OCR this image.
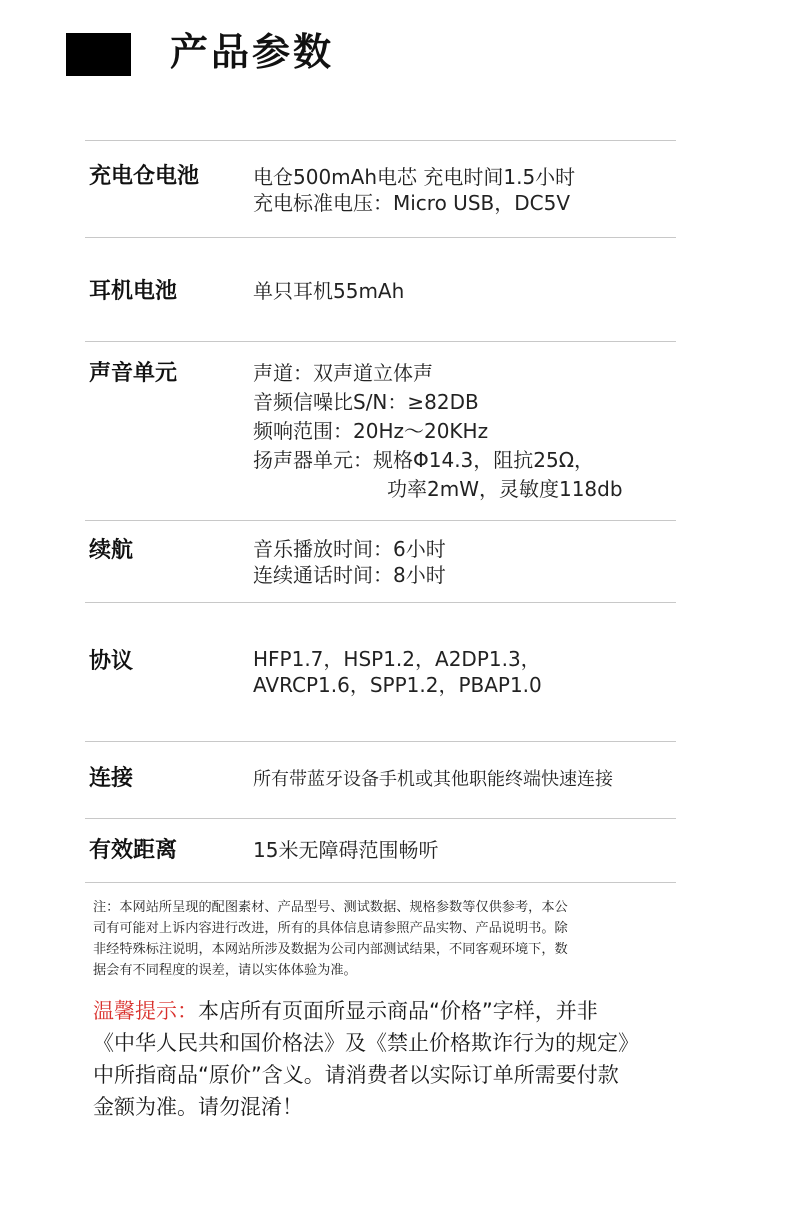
产品参数
充电仓电池	电仓500mAh电芯 充电时间1.5小时
充电标准电压：Micro USB，DC5V
耳机电池	单只耳机55mAh
声音单元	声道：双声道立体声
音频信噪比S/N：≥82DB
频响范围：20Hz～20KHz
扬声器单元：规格Φ14.3，阻抗25Ω，
功率2mW，灵敏度118db
续航	音乐播放时间：6小时
连续通话时间：8小时
协议	HFP1.7，HSP1.2，A2DP1.3，
AVRCP1.6，SPP1.2，PBAP1.0
连接	所有带蓝牙设备手机或其他职能终端快速连接
有效距离	15米无障碍范围畅听
注：本网站所呈现的配图素材、产品型号、测试数据、规格参数等仅供参考，本公
司有可能对上诉内容进行改进，所有的具体信息请参照产品实物、产品说明书。除
非经特殊标注说明，本网站所涉及数据为公司内部测试结果，不同客观环境下，数
据会有不同程度的误差，请以实体体验为准。
温馨提示：本店所有页面所显示商品“价格”字样，并非
《中华人民共和国价格法》及《禁止价格欺诈行为的规定》
中所指商品“原价”含义。请消费者以实际订单所需要付款
金额为准。请勿混淆！
